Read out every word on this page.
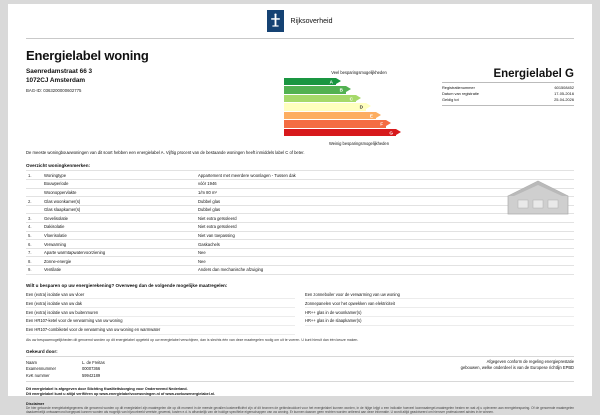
Rijksoverheid
Energielabel woning
Saenredamstraat 66 3
1072CJ Amsterdam
BAG-ID: 0363200000602775
Veel besparingsmogelijkheden
A
B
C
D
E
F
G
Energielabel G
Registratienummer	601508452
Datum van registratie	17-05-2016
Geldig tot	25-04-2026
Weinig besparingsmogelijkheden
De meeste woningbouwwoningen van dit soort hebben een energielabel A. Vijftig procent van de bestaande woningen heeft inmiddels label C of beter.
Overzicht woningkenmerken:
1.	Woningtype	Appartement met meerdere woonlagen - Tussen dak
	Bouwperiode	vóór 1946
	Woonoppervlakte	1/m 80 m²
2.	Glas woonkamer(s)	Dubbel glas
	Glas slaapkamer(s)	Dubbel glas
3.	Gevelisolatie	Niet extra geïsoleerd
4.	Dakisolatie	Niet extra geïsoleerd
5.	Vloerisolatie	Niet van toepassing
6.	Verwarming	Gaskachels
7.	Aparte warmtapwatervoorziening	Nee
8.	Zonne-energie	Nee
9.	Ventilatie	Anders dan mechanische afzuiging
Wilt u besparen op uw energierekening? Overweeg dan de volgende mogelijke maatregelen:
Een (extra) isolatie van uw vloer
Een (extra) isolatie van uw dak
Een (extra) isolatie van uw buitenmuren
Een HR107-ketel voor de verwarming van uw woning
Een HR107-combiketel voor de verwarming van uw woning en warmwater
Een zonneboiler voor de verwarming van uw woning
Zonnepanelen voor het opwekken van elektriciteit
HR++ glas in de woonkamer(s)
HR++ glas in de slaapkamer(s)
Als uw bespaarmogelijkheden dit genoemd worden op dit energielabel opgeteld op uw energielabel verschijnen, dan is slechts één van deze maatregelen nodig om uit te voeren. U kunt hieruit dan één keuze maken.
Gekeurd door:
Naam	L. de Freitas
Examennummer	00007366
KvK nummer	59942189
Afgegeven conform de regeling energieprestatie
gebouwen, welke onderdeel is van de Europese richtlijn EPBD
Dit energielabel is afgegeven door Stichting Kwaliteitsborging voor Onderneemd Nederland.
Dit energielabel kunt u altijd verifiëren op www.energielabelvoorwoningen.nl of www.zoekuwenergielabel.nl.
Disclaimer
De hier getoonde energielabelgegevens die genoemd worden op dit energielabel zijn maatregelen die op dit moment in de meeste gevallen kostenefficiënt zijn of dit bronnen de gebiedsvoldoet voor het energielabel kunnen worden, in de hijige krijgt u een indicatie hoeveel loonmaatregel-maatregelen hesten en wat zij u opleveren aan energiebesparing. Of de genoemde maatregelen daadwerkelijk ontwaarmond toegepast kunnen worden als mogelijk van bijvoorbeeld vereiste, gewenst, kosten e.d. is afhankelijk van de huidige specifieke eigenschappen van uw woning. Er kunnen daarom geen rechten worden ontleend aan deze informatie. U wordt altijd geadviseerd om hierover professioneel advies in te winnen.
